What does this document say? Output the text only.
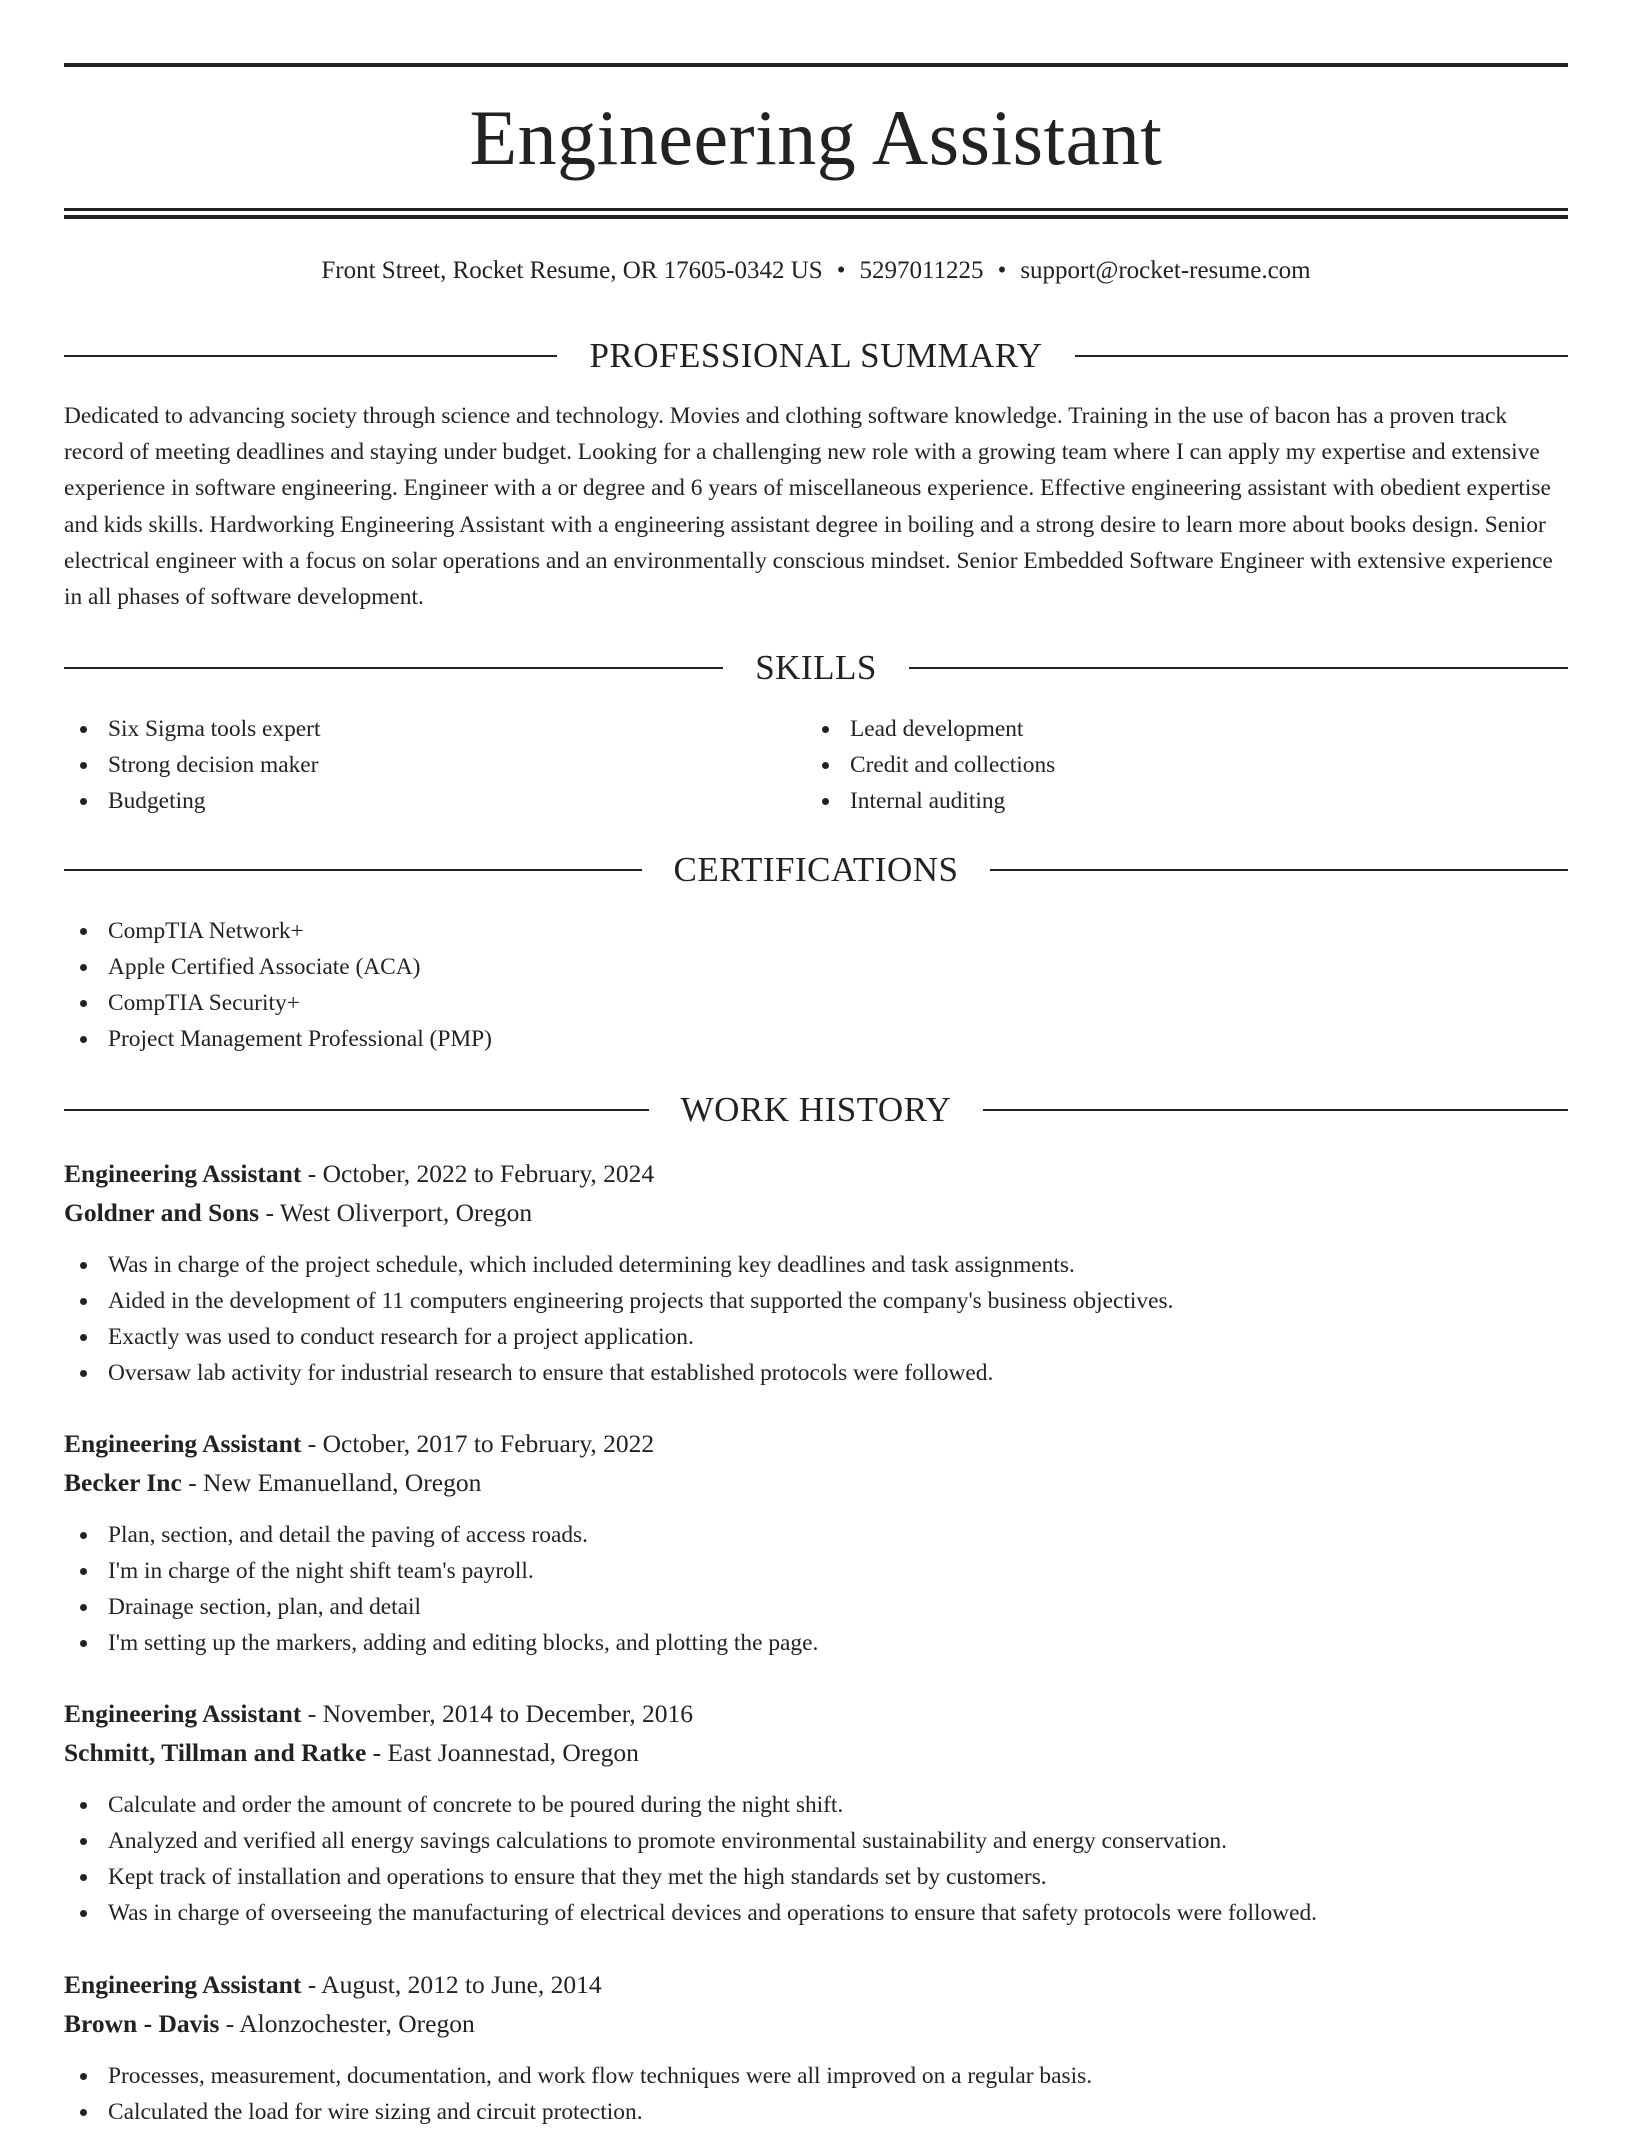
Engineering Assistant
Front Street, Rocket Resume, OR 17605-0342 US • 5297011225 • support@rocket-resume.com
PROFESSIONAL SUMMARY

Dedicated to advancing society through science and technology. Movies and clothing software knowledge. Training in the use of bacon has a proven track record of meeting deadlines and staying under budget. Looking for a challenging new role with a growing team where I can apply my expertise and extensive experience in software engineering. Engineer with a or degree and 6 years of miscellaneous experience. Effective engineering assistant with obedient expertise and kids skills. Hardworking Engineering Assistant with a engineering assistant degree in boiling and a strong desire to learn more about books design. Senior electrical engineer with a focus on solar operations and an environmentally conscious mindset. Senior Embedded Software Engineer with extensive experience in all phases of software development.

SKILLS
Six Sigma tools expert
Strong decision maker
Budgeting
Lead development
Credit and collections
Internal auditing
CERTIFICATIONS
CompTIA Network+
Apple Certified Associate (ACA)
CompTIA Security+
Project Management Professional (PMP)
WORK HISTORY
Engineering Assistant - October, 2022 to February, 2024
Goldner and Sons - West Oliverport, Oregon
Was in charge of the project schedule, which included determining key deadlines and task assignments.
Aided in the development of 11 computers engineering projects that supported the company's business objectives.
Exactly was used to conduct research for a project application.
Oversaw lab activity for industrial research to ensure that established protocols were followed.
Engineering Assistant - October, 2017 to February, 2022
Becker Inc - New Emanuelland, Oregon
Plan, section, and detail the paving of access roads.
I'm in charge of the night shift team's payroll.
Drainage section, plan, and detail
I'm setting up the markers, adding and editing blocks, and plotting the page.
Engineering Assistant - November, 2014 to December, 2016
Schmitt, Tillman and Ratke - East Joannestad, Oregon
Calculate and order the amount of concrete to be poured during the night shift.
Analyzed and verified all energy savings calculations to promote environmental sustainability and energy conservation.
Kept track of installation and operations to ensure that they met the high standards set by customers.
Was in charge of overseeing the manufacturing of electrical devices and operations to ensure that safety protocols were followed.
Engineering Assistant - August, 2012 to June, 2014
Brown - Davis - Alonzochester, Oregon
Processes, measurement, documentation, and work flow techniques were all improved on a regular basis.
Calculated the load for wire sizing and circuit protection.
